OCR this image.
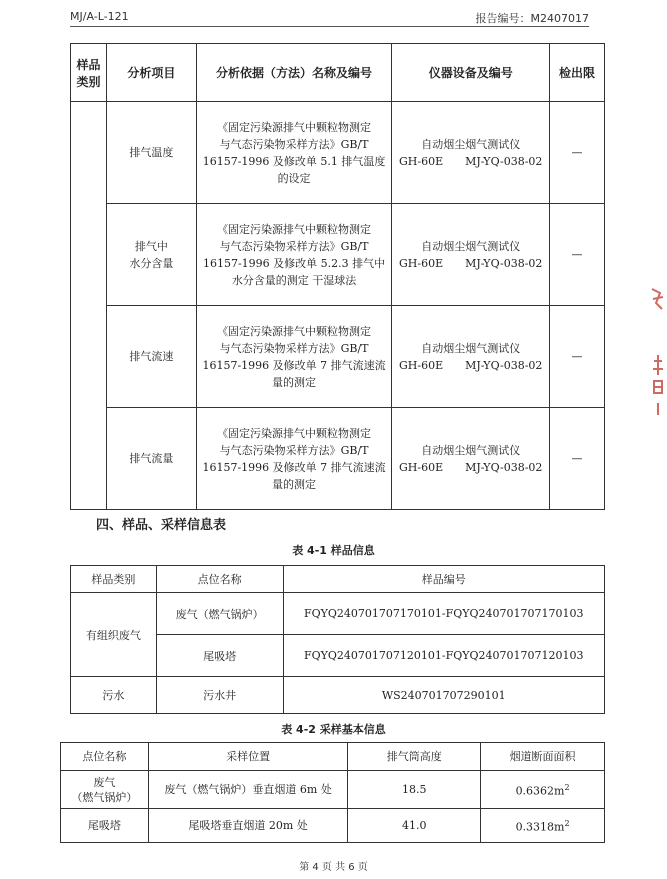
MJ/A-L-121	报告编号：M2407017
样品
类别	分析项目	分析依据（方法）名称及编号	仪器设备及编号	检出限
	排气温度	《固定污染源排气中颗粒物测定
与气态污染物采样方法》GB/T
16157-1996 及修改单 5.1 排气温度
的设定	自动烟尘烟气测试仪
GH-60E　　MJ-YQ-038-02	—
	排气中
水分含量	《固定污染源排气中颗粒物测定
与气态污染物采样方法》GB/T
16157-1996 及修改单 5.2.3 排气中
水分含量的测定 干湿球法	自动烟尘烟气测试仪
GH-60E　　MJ-YQ-038-02	—
	排气流速	《固定污染源排气中颗粒物测定
与气态污染物采样方法》GB/T
16157-1996 及修改单 7 排气流速流
量的测定	自动烟尘烟气测试仪
GH-60E　　MJ-YQ-038-02	—
	排气流量	《固定污染源排气中颗粒物测定
与气态污染物采样方法》GB/T
16157-1996 及修改单 7 排气流速流
量的测定	自动烟尘烟气测试仪
GH-60E　　MJ-YQ-038-02	—
四、样品、采样信息表
表 4-1 样品信息
样品类别	点位名称	样品编号
有组织废气	废气（燃气锅炉）	FQYQ240701707170101-FQYQ240701707170103
	尾吸塔	FQYQ240701707120101-FQYQ240701707120103
污水	污水井	WS240701707290101
表 4-2 采样基本信息
点位名称	采样位置	排气筒高度	烟道断面面积
废气
（燃气锅炉）	废气（燃气锅炉）垂直烟道 6m 处	18.5	$0.6362m^2$
尾吸塔	尾吸塔垂直烟道 20m 处	41.0	$0.3318m^2$
第 4 页 共 6 页
